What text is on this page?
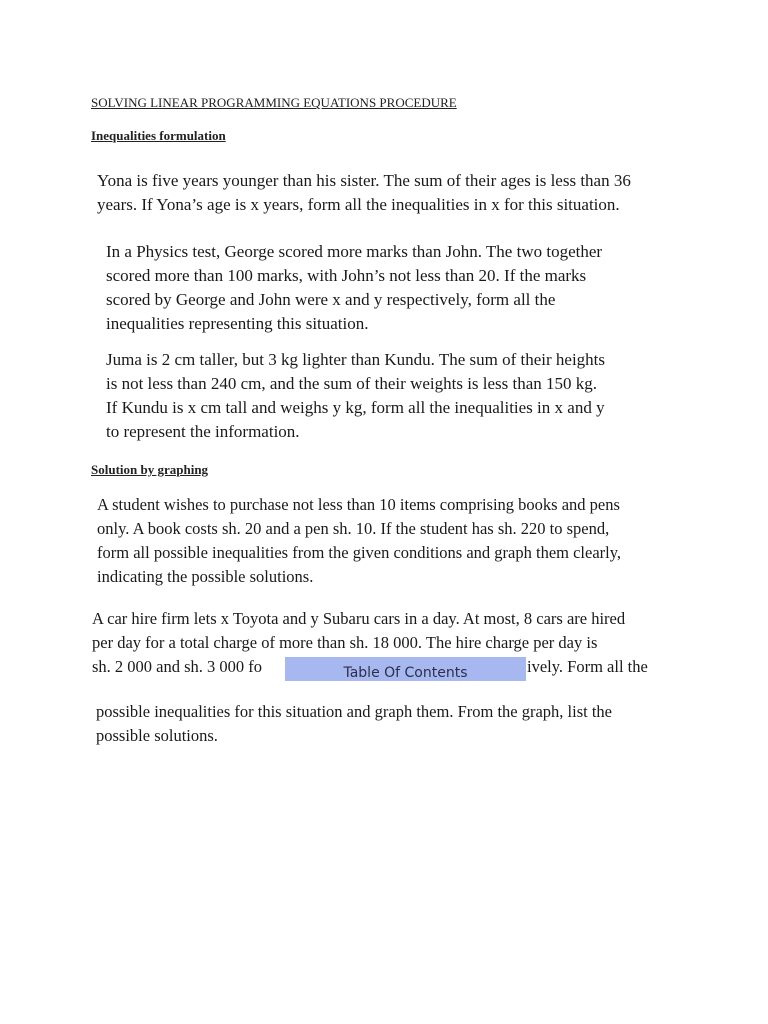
SOLVING LINEAR PROGRAMMING EQUATIONS PROCEDURE
Inequalities formulation
Yona is five years younger than his sister. The sum of their ages is less than 36
years. If Yona’s age is x years, form all the inequalities in x for this situation.
In a Physics test, George scored more marks than John. The two together
scored more than 100 marks, with John’s not less than 20. If the marks
scored by George and John were x and y respectively, form all the
inequalities representing this situation.
Juma is 2 cm taller, but 3 kg lighter than Kundu. The sum of their heights
is not less than 240 cm, and the sum of their weights is less than 150 kg.
If Kundu is x cm tall and weighs y kg, form all the inequalities in x and y
to represent the information.
Solution by graphing
A student wishes to purchase not less than 10 items comprising books and pens
only. A book costs sh. 20 and a pen sh. 10. If the student has sh. 220 to spend,
form all possible inequalities from the given conditions and graph them clearly,
indicating the possible solutions.
A car hire firm lets x Toyota and y Subaru cars in a day. At most, 8 cars are hired
per day for a total charge of more than sh. 18 000. The hire charge per day is
sh. 2 000 and sh. 3 000 fo	ively. Form all the
possible inequalities for this situation and graph them. From the graph, list the
possible solutions.
Table Of Contents
